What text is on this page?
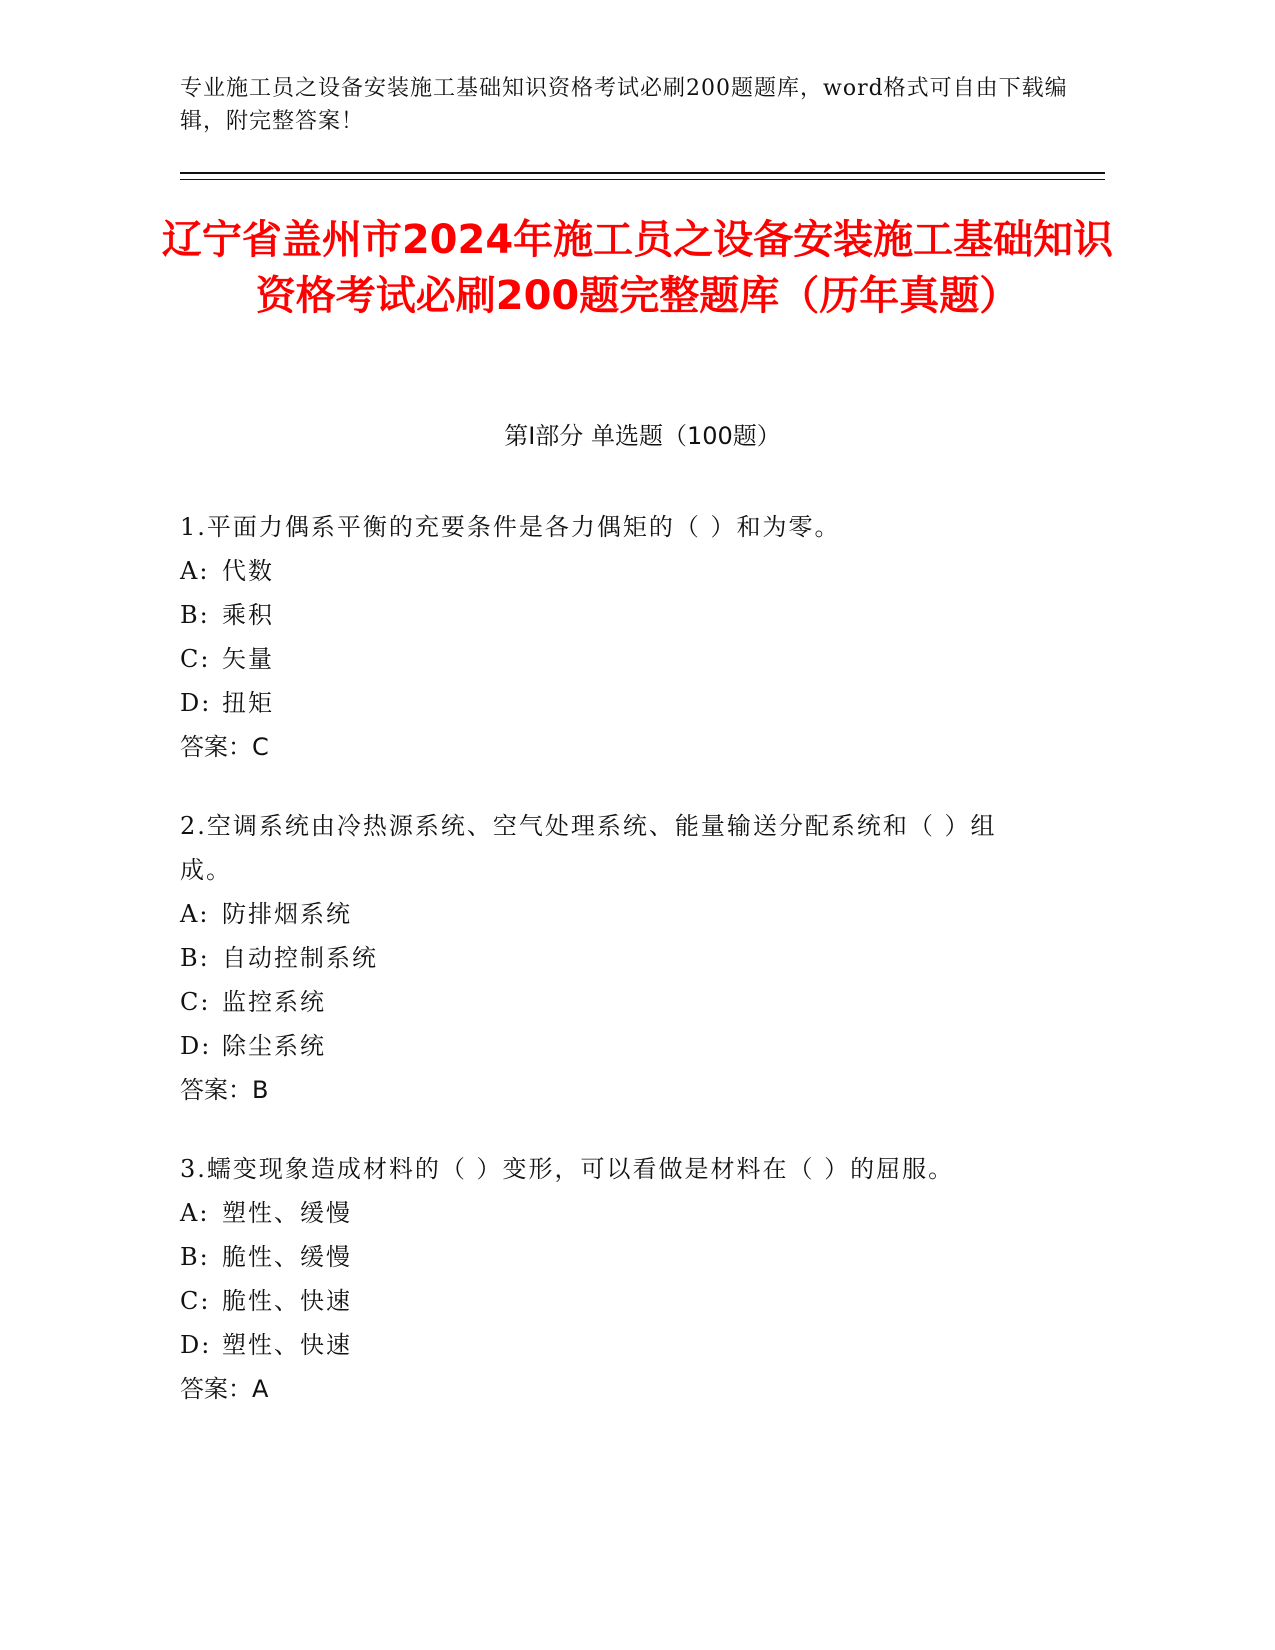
专业施工员之设备安装施工基础知识资格考试必刷200题题库，word格式可自由下载编辑，附完整答案！
辽宁省盖州市2024年施工员之设备安装施工基础知识资格考试必刷200题完整题库（历年真题）
第Ⅰ部分 单选题（100题）
1.平面力偶系平衡的充要条件是各力偶矩的（ ）和为零。
A: 代数
B: 乘积
C: 矢量
D: 扭矩
答案：C
2.空调系统由冷热源系统、空气处理系统、能量输送分配系统和（ ）组成。
A: 防排烟系统
B: 自动控制系统
C: 监控系统
D: 除尘系统
答案：B
3.蠕变现象造成材料的（ ）变形，可以看做是材料在（ ）的屈服。
A: 塑性、缓慢
B: 脆性、缓慢
C: 脆性、快速
D: 塑性、快速
答案：A
